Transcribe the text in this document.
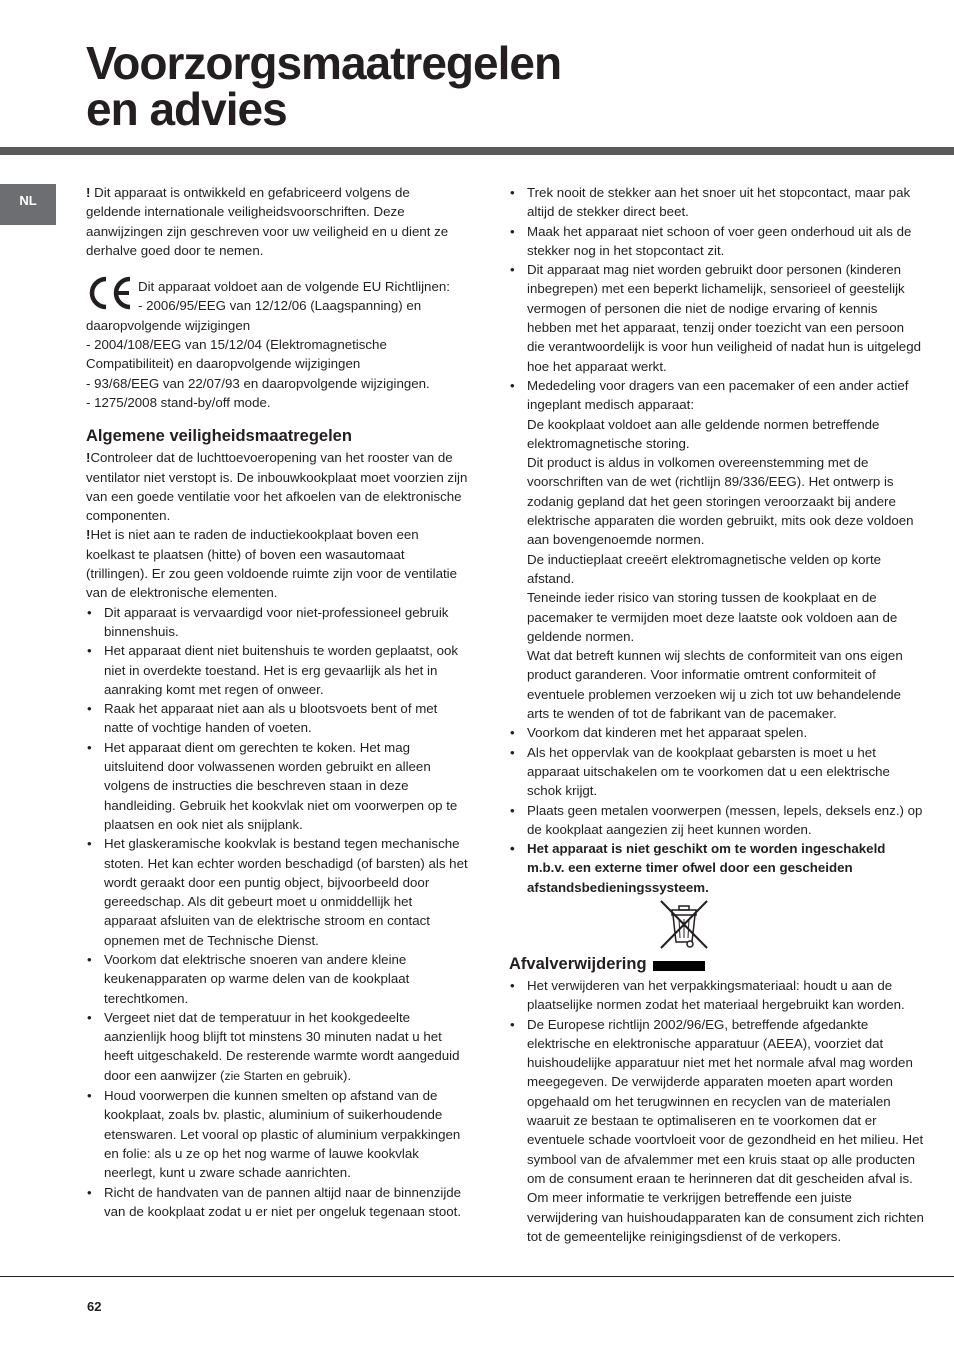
Voorzorgsmaatregelen
en advies
NL

! Dit apparaat is ontwikkeld en gefabriceerd volgens de geldende internationale veiligheidsvoorschriften. Deze aanwijzingen zijn geschreven voor uw veiligheid en u dient ze derhalve goed door te nemen.

Dit apparaat voldoet aan de volgende EU Richtlijnen:

- 2006/95/EEG van 12/12/06 (Laagspanning) en daaropvolgende wijzigingen

- 2004/108/EEG van 15/12/04 (Elektromagnetische Compatibiliteit) en daaropvolgende wijzigingen

- 93/68/EEG van 22/07/93 en daaropvolgende wijzigingen.

- 1275/2008 stand-by/off mode.

Algemene veiligheidsmaatregelen

!Controleer dat de luchttoevoeropening van het rooster van de ventilator niet verstopt is. De inbouwkookplaat moet voorzien zijn van een goede ventilatie voor het afkoelen van de elektronische componenten.

!Het is niet aan te raden de inductiekookplaat boven een koelkast te plaatsen (hitte) of boven een wasautomaat (trillingen). Er zou geen voldoende ruimte zijn voor de ventilatie van de elektronische elementen.

• Dit apparaat is vervaardigd voor niet-professioneel gebruik binnenshuis.
• Het apparaat dient niet buitenshuis te worden geplaatst, ook niet in overdekte toestand. Het is erg gevaarlijk als het in aanraking komt met regen of onweer.
• Raak het apparaat niet aan als u blootsvoets bent of met natte of vochtige handen of voeten.
• Het apparaat dient om gerechten te koken. Het mag uitsluitend door volwassenen worden gebruikt en alleen volgens de instructies die beschreven staan in deze handleiding. Gebruik het kookvlak niet om voorwerpen op te plaatsen en ook niet als snijplank.
• Het glaskeramische kookvlak is bestand tegen mechanische stoten. Het kan echter worden beschadigd (of barsten) als het wordt geraakt door een puntig object, bijvoorbeeld door gereedschap. Als dit gebeurt moet u onmiddellijk het apparaat afsluiten van de elektrische stroom en contact opnemen met de Technische Dienst.
• Voorkom dat elektrische snoeren van andere kleine keukenapparaten op warme delen van de kookplaat terechtkomen.
• Vergeet niet dat de temperatuur in het kookgedeelte aanzienlijk hoog blijft tot minstens 30 minuten nadat u het heeft uitgeschakeld. De resterende warmte wordt aangeduid door een aanwijzer (zie Starten en gebruik).
• Houd voorwerpen die kunnen smelten op afstand van de kookplaat, zoals bv. plastic, aluminium of suikerhoudende etenswaren. Let vooral op plastic of aluminium verpakkingen en folie: als u ze op het nog warme of lauwe kookvlak neerlegt, kunt u zware schade aanrichten.
• Richt de handvaten van de pannen altijd naar de binnenzijde van de kookplaat zodat u er niet per ongeluk tegenaan stoot.
• Trek nooit de stekker aan het snoer uit het stopcontact, maar pak altijd de stekker direct beet.
• Maak het apparaat niet schoon of voer geen onderhoud uit als de stekker nog in het stopcontact zit.
• Dit apparaat mag niet worden gebruikt door personen (kinderen inbegrepen) met een beperkt lichamelijk, sensorieel of geestelijk vermogen of personen die niet de nodige ervaring of kennis hebben met het apparaat, tenzij onder toezicht van een persoon die verantwoordelijk is voor hun veiligheid of nadat hun is uitgelegd hoe het apparaat werkt.

• Mededeling voor dragers van een pacemaker of een ander actief ingeplant medisch apparaat:

De kookplaat voldoet aan alle geldende normen betreffende elektromagnetische storing.

Dit product is aldus in volkomen overeenstemming met de voorschriften van de wet (richtlijn 89/336/EEG). Het ontwerp is zodanig gepland dat het geen storingen veroorzaakt bij andere elektrische apparaten die worden gebruikt, mits ook deze voldoen aan bovengenoemde normen.

De inductieplaat creeërt elektromagnetische velden op korte afstand.

Teneinde ieder risico van storing tussen de kookplaat en de pacemaker te vermijden moet deze laatste ook voldoen aan de geldende normen.

Wat dat betreft kunnen wij slechts de conformiteit van ons eigen product garanderen. Voor informatie omtrent conformiteit of eventuele problemen verzoeken wij u zich tot uw behandelende arts te wenden of tot de fabrikant van de pacemaker.

• Voorkom dat kinderen met het apparaat spelen.
• Als het oppervlak van de kookplaat gebarsten is moet u het apparaat uitschakelen om te voorkomen dat u een elektrische schok krijgt.
• Plaats geen metalen voorwerpen (messen, lepels, deksels enz.) op de kookplaat aangezien zij heet kunnen worden.
• Het apparaat is niet geschikt om te worden ingeschakeld m.b.v. een externe timer ofwel door een gescheiden afstandsbedieningssysteem.
Afvalverwijdering
• Het verwijderen van het verpakkingsmateriaal: houdt u aan de plaatselijke normen zodat het materiaal hergebruikt kan worden.

• De Europese richtlijn 2002/96/EG, betreffende afgedankte elektrische en elektronische apparatuur (AEEA), voorziet dat huishoudelijke apparatuur niet met het normale afval mag worden meegegeven. De verwijderde apparaten moeten apart worden opgehaald om het terugwinnen en recyclen van de materialen waaruit ze bestaan te optimaliseren en te voorkomen dat er eventuele schade voortvloeit voor de gezondheid en het milieu. Het symbool van de afvalemmer met een kruis staat op alle producten om de consument eraan te herinneren dat dit gescheiden afval is.

Om meer informatie te verkrijgen betreffende een juiste verwijdering van huishoudapparaten kan de consument zich richten tot de gemeentelijke reinigingsdienst of de verkopers.

62
